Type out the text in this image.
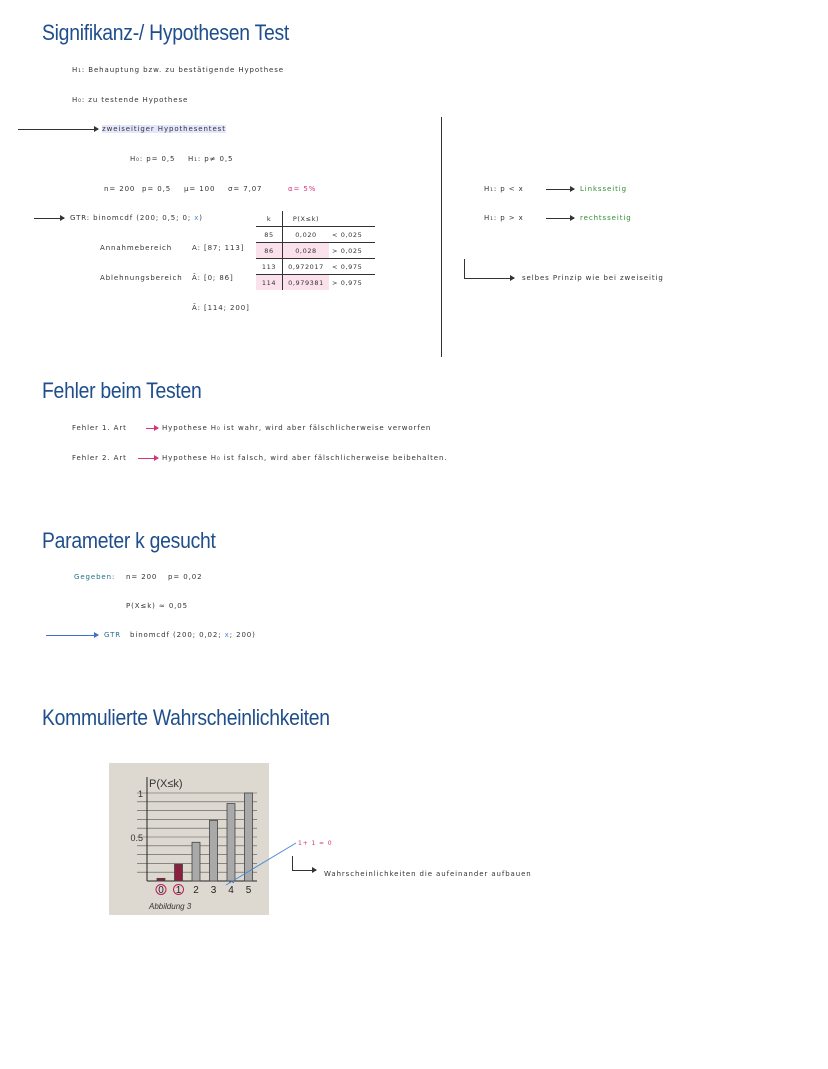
Signifikanz-/ Hypothesen Test
H₁: Behauptung bzw. zu bestätigende Hypothese
H₀: zu testende Hypothese
zweiseitiger Hypothesentest
H₀: p= 0,5 H₁: p≠ 0,5
n= 200 p= 0,5 μ= 100 σ= 7,07	α= 5%
GTR: binomcdf (200; 0,5; 0; x)
Annahmebereich	A: [87; 113]
Ablehnungsbereich Ā: [0; 86]
Ā: [114; 200]
k	P(X≤k)	
85	0,020	< 0,025
86	0,028	> 0,025
113	0,972017	< 0,975
114	0,979381	> 0,975
H₁: p < x	Linksseitig
H₁: p > x	rechtsseitig
selbes Prinzip wie bei zweiseitig
Fehler beim Testen
Fehler 1. Art	Hypothese H₀ ist wahr, wird aber fälschlicherweise verworfen
Fehler 2. Art	Hypothese H₀ ist falsch, wird aber fälschlicherweise beibehalten.
Parameter k gesucht
Gegeben: n= 200 p= 0,02
P(X≤k) ≈ 0,05
GTR binomcdf (200; 0,02; x; 200)
Kommulierte Wahrscheinlichkeiten
P(X≤k)
Abbildung 3
1
0.5
0 1 2 3 4 5
1+ 1 = 0
Wahrscheinlichkeiten die aufeinander aufbauen
